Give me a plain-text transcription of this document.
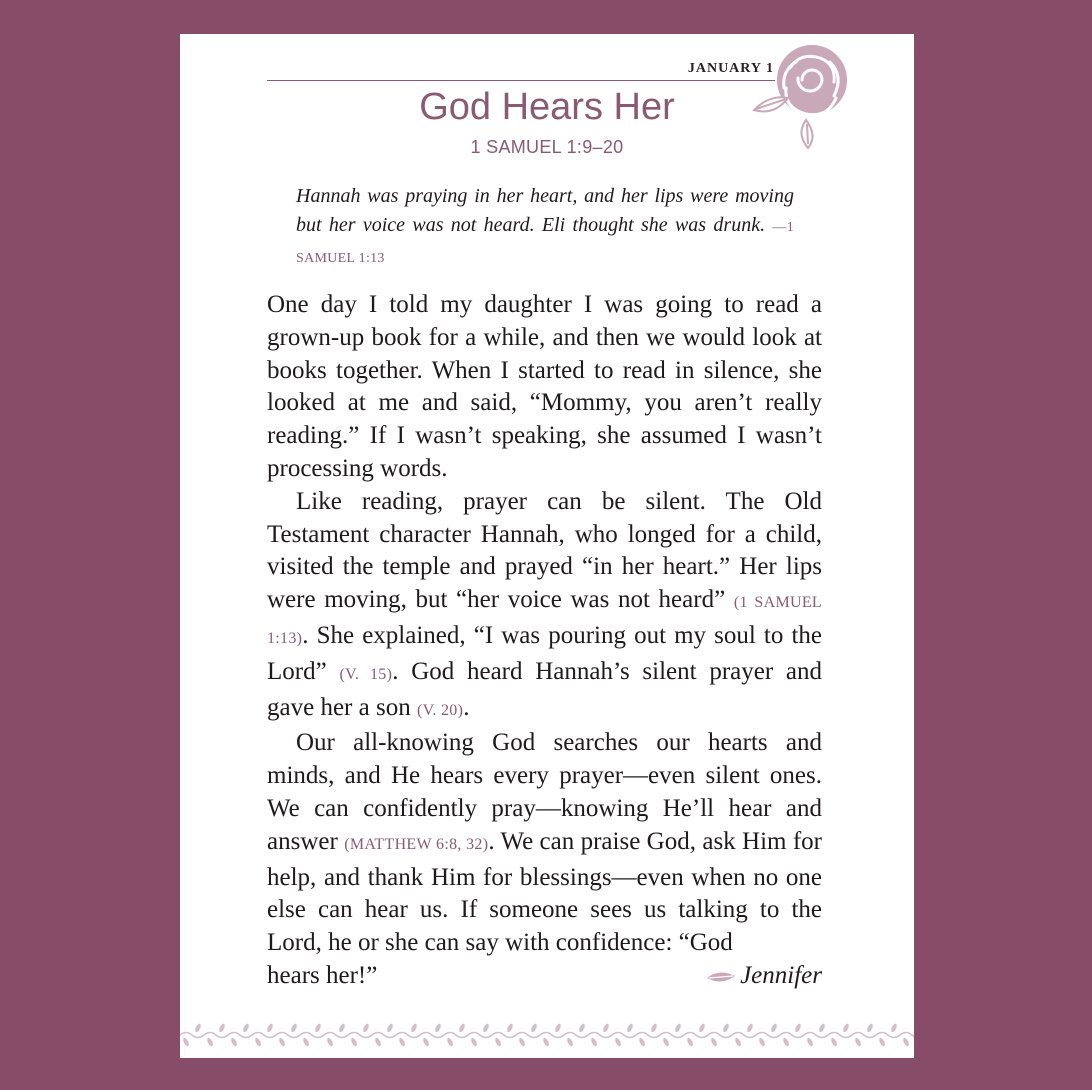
JANUARY 1
God Hears Her
1 SAMUEL 1:9–20
Hannah was praying in her heart, and her lips were moving but her voice was not heard. Eli thought she was drunk. —1 SAMUEL 1:13

One day I told my daughter I was going to read a grown-up book for a while, and then we would look at books together. When I started to read in silence, she looked at me and said, “Mommy, you aren’t really reading.” If I wasn’t speaking, she assumed I wasn’t processing words.

Like reading, prayer can be silent. The Old Testament character Hannah, who longed for a child, visited the temple and prayed “in her heart.” Her lips were moving, but “her voice was not heard” (1 SAMUEL 1:13). She explained, “I was pouring out my soul to the Lord” (V. 15). God heard Hannah’s silent prayer and gave her a son (V. 20).

Our all-knowing God searches our hearts and minds, and He hears every prayer—even silent ones. We can confidently pray—knowing He’ll hear and answer (MATTHEW 6:8, 32). We can praise God, ask Him for help, and thank Him for blessings—even when no one else can hear us. If someone sees us talking to the Lord, he or she can say with confidence: “God

hears her!”	Jennifer
